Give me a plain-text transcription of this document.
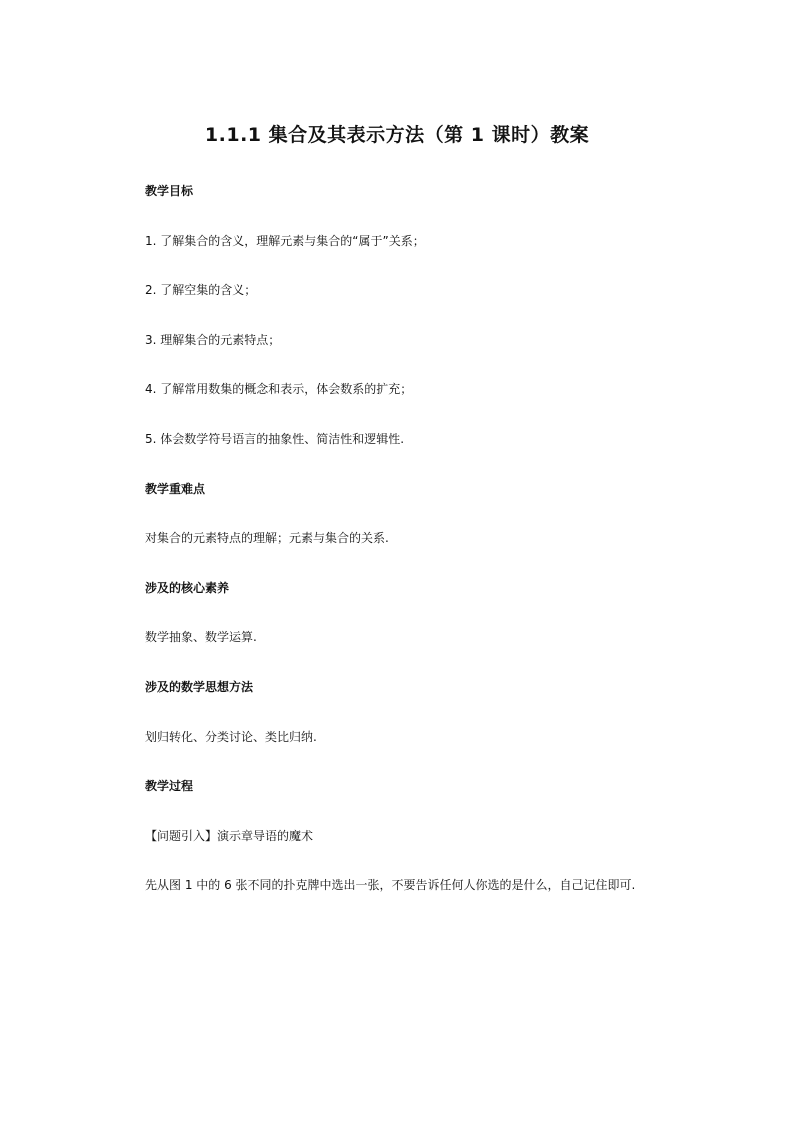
1.1.1 集合及其表示方法（第 1 课时）教案
教学目标
1. 了解集合的含义，理解元素与集合的“属于”关系；
2. 了解空集的含义；
3. 理解集合的元素特点；
4. 了解常用数集的概念和表示，体会数系的扩充；
5. 体会数学符号语言的抽象性、简洁性和逻辑性.
教学重难点
对集合的元素特点的理解；元素与集合的关系.
涉及的核心素养
数学抽象、数学运算.
涉及的数学思想方法
划归转化、分类讨论、类比归纳.
教学过程
【问题引入】演示章导语的魔术
先从图 1 中的 6 张不同的扑克牌中选出一张，不要告诉任何人你选的是什么，自己记住即可.
